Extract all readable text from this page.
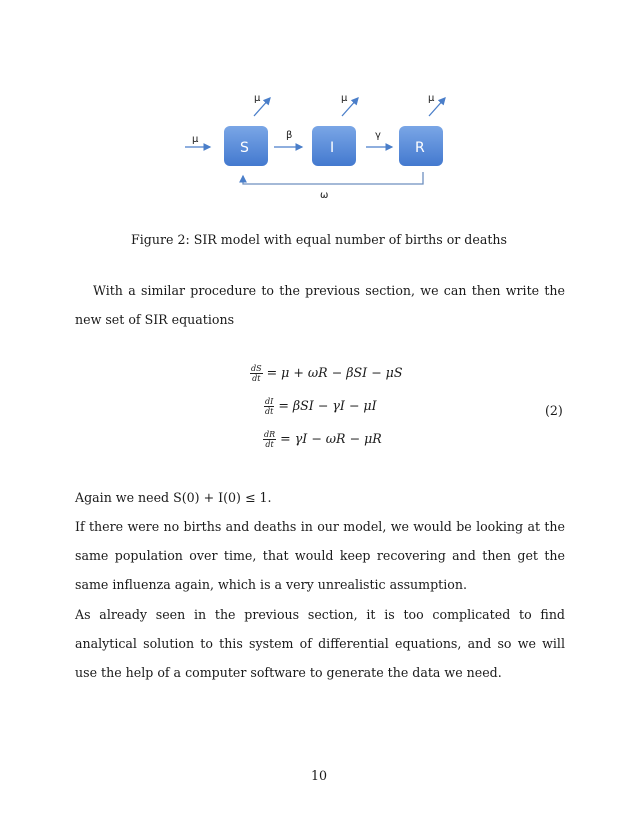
μ
S
β
I
γ
R
μ	μ	μ
ω
Figure 2: SIR model with equal number of births or deaths
With a similar procedure to the previous section, we can then write the new set of SIR equations
$\frac{dS}{dt} = \mu + \omega R - \beta SI - \mu S$
$\frac{dI}{dt} = \beta SI - \gamma I - \mu I$
$\frac{dR}{dt} = \gamma I - \omega R - \mu R$
(2)
Again we need S(0) + I(0) ≤ 1.
If there were no births and deaths in our model, we would be looking at the same population over time, that would keep recovering and then get the same influenza again, which is a very unrealistic assumption.
As already seen in the previous section, it is too complicated to find analytical solution to this system of differential equations, and so we will use the help of a computer software to generate the data we need.
10
